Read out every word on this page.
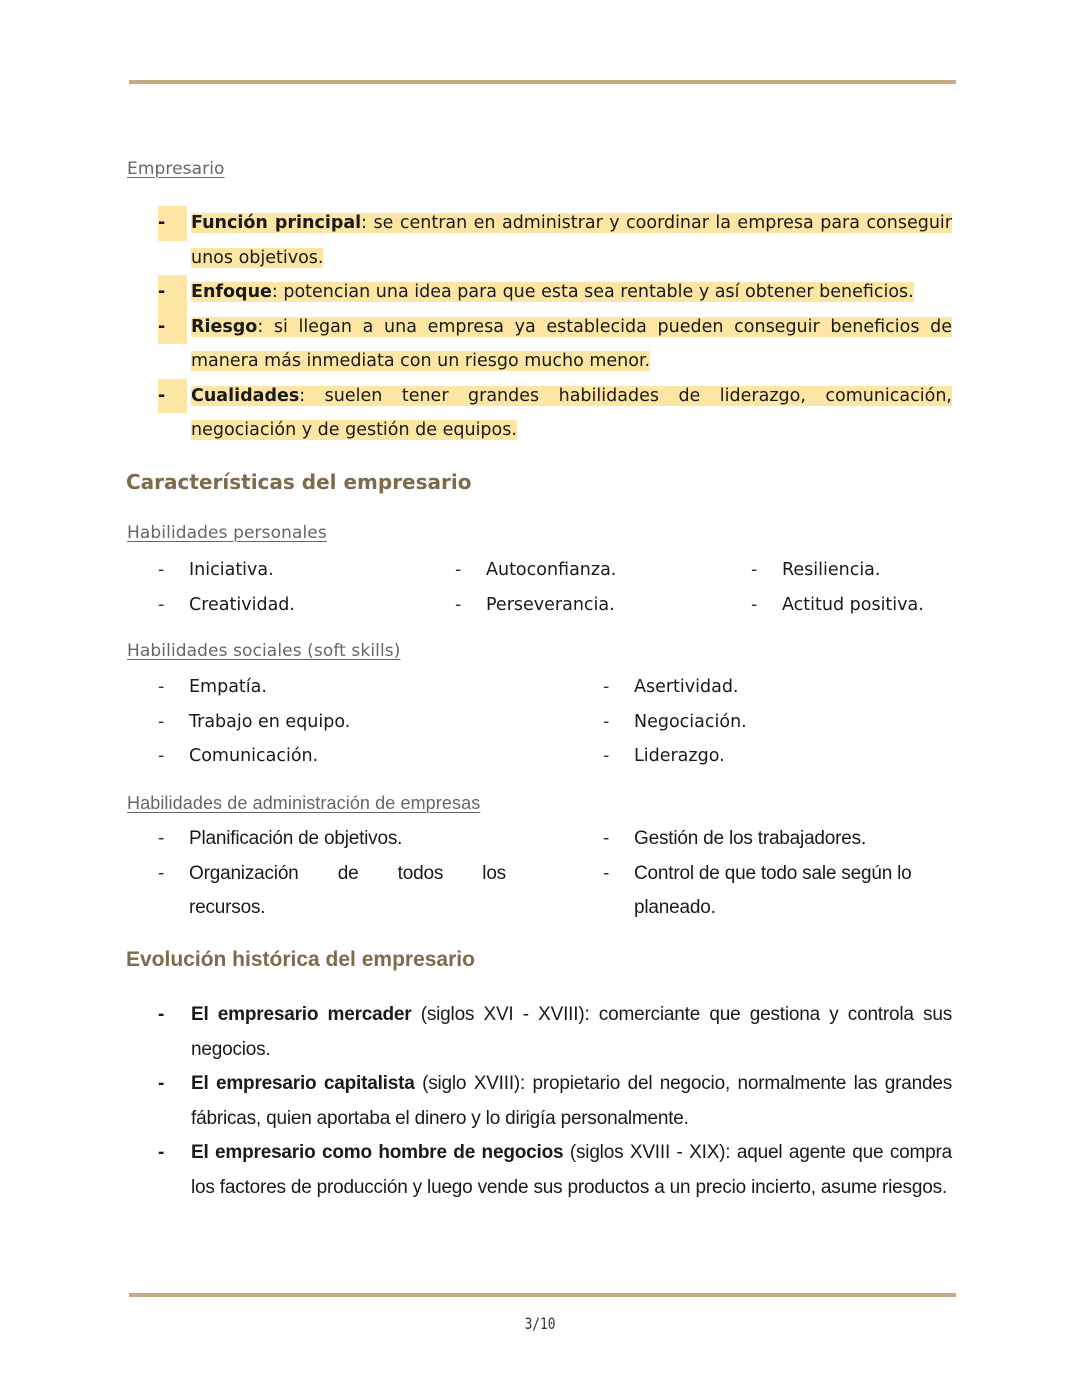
Empresario
-	Función principal: se centran en administrar y coordinar la empresa para conseguir unos objetivos.
-	Enfoque: potencian una idea para que esta sea rentable y así obtener beneficios.
-	Riesgo: si llegan a una empresa ya establecida pueden conseguir beneficios de manera más inmediata con un riesgo mucho menor.
-	Cualidades: suelen tener grandes habilidades de liderazgo, comunicación, negociación y de gestión de equipos.
Características del empresario
Habilidades personales
- Iniciativa.
- Creatividad.
- Autoconfianza.
- Perseverancia.
- Resiliencia.
- Actitud positiva.
Habilidades sociales (soft skills)
- Empatía.
- Trabajo en equipo.
- Comunicación.
- Asertividad.
- Negociación.
- Liderazgo.
Habilidades de administración de empresas
- Planificación de objetivos.
- Organización de todos los
recursos.
- Gestión de los trabajadores.
- Control de que todo sale según lo
planeado.
Evolución histórica del empresario
- El empresario mercader (siglos XVI - XVIII): comerciante que gestiona y controla sus negocios.
- El empresario capitalista (siglo XVIII): propietario del negocio, normalmente las grandes fábricas, quien aportaba el dinero y lo dirigía personalmente.
- El empresario como hombre de negocios (siglos XVIII - XIX): aquel agente que compra los factores de producción y luego vende sus productos a un precio incierto, asume riesgos.
3/10
